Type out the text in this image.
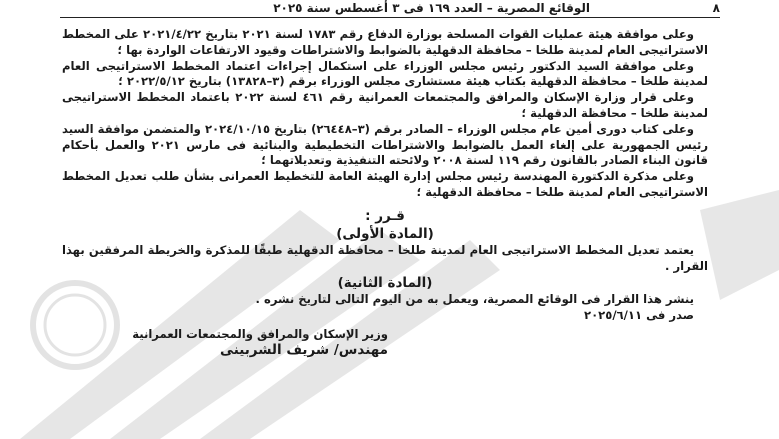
٨
الوقائع المصرية – العدد ١٦٩ فى ٣ أغسطس سنة ٢٠٢٥

وعلى موافقة هيئة عمليات القوات المسلحة بوزارة الدفاع رقم ١٧٨٣ لسنة ٢٠٢١ بتاريخ ٢٠٢١/٤/٢٢ على المخطط الاستراتيجى العام لمدينة طلخا – محافظة الدقهلية بالضوابط والاشتراطات وقيود الارتفاعات الواردة بها ؛

وعلى موافقة السيد الدكتور رئيس مجلس الوزراء على استكمال إجراءات اعتماد المخطط الاستراتيجى العام لمدينة طلخا – محافظة الدقهلية بكتاب هيئة مستشارى مجلس الوزراء برقم (٣–١٣٨٢٨) بتاريخ ٢٠٢٢/٥/١٢ ؛

وعلى قرار وزارة الإسكان والمرافق والمجتمعات العمرانية رقم ٤٦١ لسنة ٢٠٢٢ باعتماد المخطط الاستراتيجى لمدينة طلخا – محافظة الدقهلية ؛

وعلى كتاب دورى أمين عام مجلس الوزراء – الصادر برقم (٣–٢٦٤٤٨) بتاريخ ٢٠٢٤/١٠/١٥ والمتضمن موافقة السيد رئيس الجمهورية على إلغاء العمل بالضوابط والاشتراطات التخطيطية والبنائية فى مارس ٢٠٢١ والعمل بأحكام قانون البناء الصادر بالقانون رقم ١١٩ لسنة ٢٠٠٨ ولائحته التنفيذية وتعديلاتهما ؛

وعلى مذكرة الدكتورة المهندسة رئيس مجلس إدارة الهيئة العامة للتخطيط العمرانى بشأن طلب تعديل المخطط الاستراتيجى العام لمدينة طلخا – محافظة الدقهلية ؛

قـرر :

(المادة الأولى)

يعتمد تعديل المخطط الاستراتيجى العام لمدينة طلخا – محافظة الدقهلية طبقًا للمذكرة والخريطة المرفقين بهذا القرار .

(المادة الثانية)

ينشر هذا القرار فى الوقائع المصرية، ويعمل به من اليوم التالى لتاريخ نشره .

صدر فى ٢٠٢٥/٦/١١

وزير الإسكان والمرافق والمجتمعات العمرانية

مهندس/ شريف الشربينى
